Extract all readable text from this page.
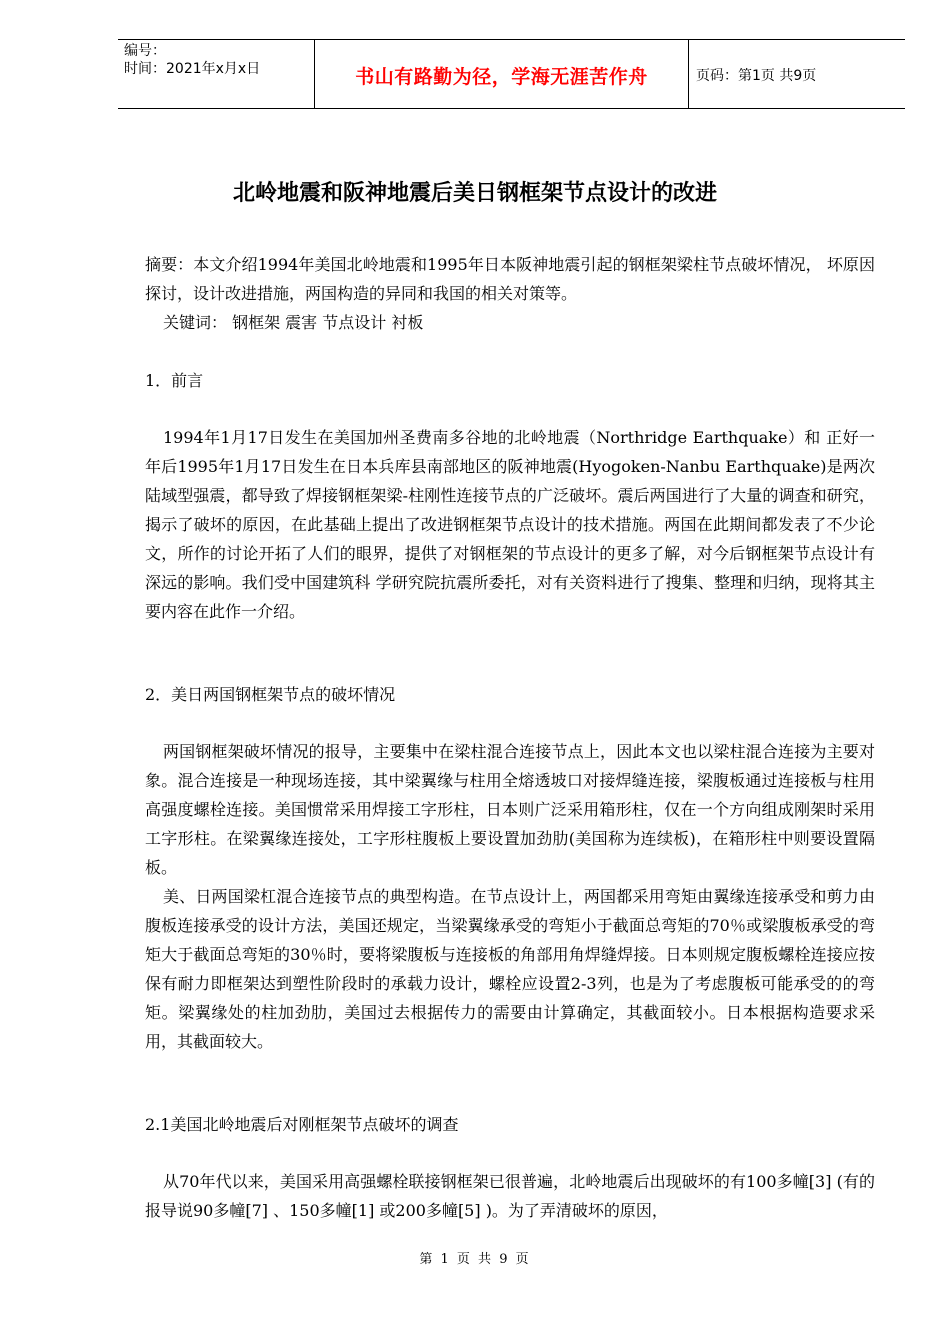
编号：
时间：2021年x月x日	书山有路勤为径，学海无涯苦作舟	页码：第1页 共9页
北岭地震和阪神地震后美日钢框架节点设计的改进

摘要：本文介绍1994年美国北岭地震和1995年日本阪神地震引起的钢框架梁柱节点破坏情况， 坏原因探讨，设计改进措施，两国构造的异同和我国的相关对策等。

关键词： 钢框架 震害 节点设计 衬板

1．前言

1994年1月17日发生在美国加州圣费南多谷地的北岭地震（Northridge Earthquake）和 正好一年后1995年1月17日发生在日本兵库县南部地区的阪神地震(Hyogoken-Nanbu Earthquake)是两次陆域型强震，都导致了焊接钢框架梁-柱刚性连接节点的广泛破坏。震后两国进行了大量的调查和研究，揭示了破坏的原因，在此基础上提出了改进钢框架节点设计的技术措施。两国在此期间都发表了不少论文，所作的讨论开拓了人们的眼界，提供了对钢框架的节点设计的更多了解，对今后钢框架节点设计有深远的影响。我们受中国建筑科 学研究院抗震所委托，对有关资料进行了搜集、整理和归纳，现将其主要内容在此作一介绍。

2．美日两国钢框架节点的破坏情况

两国钢框架破坏情况的报导，主要集中在梁柱混合连接节点上，因此本文也以梁柱混合连接为主要对象。混合连接是一种现场连接，其中梁翼缘与柱用全熔透坡口对接焊缝连接，梁腹板通过连接板与柱用高强度螺栓连接。美国惯常采用焊接工字形柱，日本则广泛采用箱形柱，仅在一个方向组成刚架时采用工字形柱。在梁翼缘连接处，工字形柱腹板上要设置加劲肋(美国称为连续板)，在箱形柱中则要设置隔板。

美、日两国梁杠混合连接节点的典型构造。在节点设计上，两国都采用弯矩由翼缘连接承受和剪力由腹板连接承受的设计方法，美国还规定，当梁翼缘承受的弯矩小于截面总弯矩的70％或梁腹板承受的弯矩大于截面总弯矩的30％时，要将梁腹板与连接板的角部用角焊缝焊接。日本则规定腹板螺栓连接应按保有耐力即框架达到塑性阶段时的承载力设计，螺栓应设置2-3列，也是为了考虑腹板可能承受的的弯矩。梁翼缘处的柱加劲肋，美国过去根据传力的需要由计算确定，其截面较小。日本根据构造要求采用，其截面较大。

2.1美国北岭地震后对刚框架节点破坏的调查

从70年代以来，美国采用高强螺栓联接钢框架已很普遍，北岭地震后出现破坏的有100多幢[3] (有的报导说90多幢[7] 、150多幢[1] 或200多幢[5] )。为了弄清破坏的原因，

第 1 页 共 9 页
